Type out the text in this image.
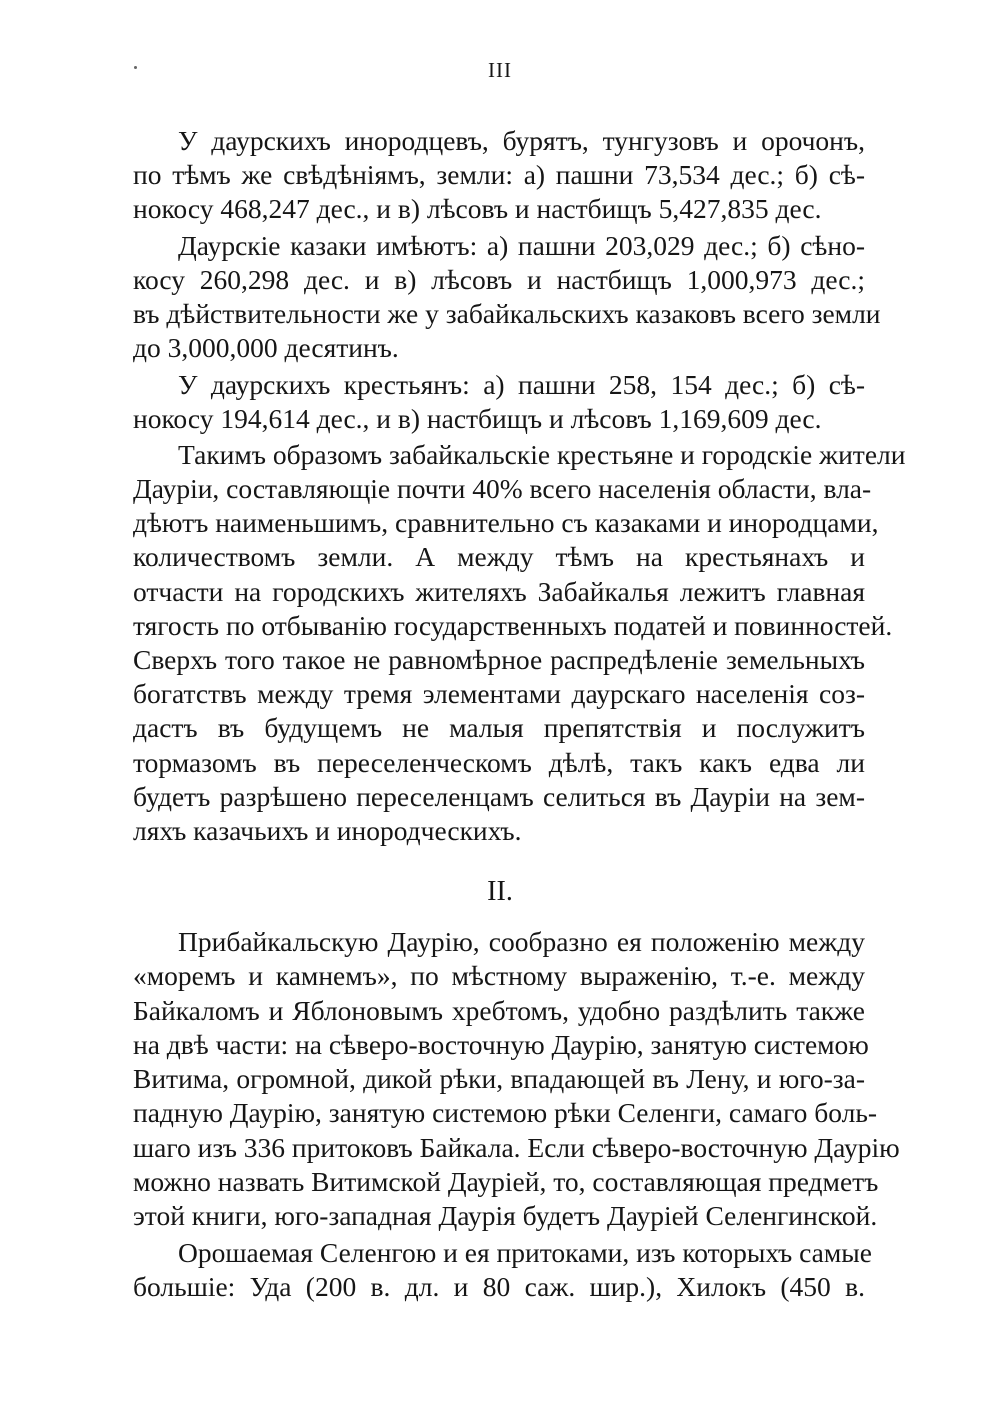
III
У даурскихъ инородцевъ, бурятъ, тунгузовъ и орочонъ,
по тѣмъ же свѣдѣніямъ, земли: а) пашни 73,534 дес.; б) сѣ-
нокосу 468,247 дес., и в) лѣсовъ и настбищъ 5,427,835 дес.
Даурскіе казаки имѣютъ: а) пашни 203,029 дес.; б) сѣно-
косу 260,298 дес. и в) лѣсовъ и настбищъ 1,000,973 дес.;
въ дѣйствительности же у забайкальскихъ казаковъ всего земли
до 3,000,000 десятинъ.
У даурскихъ крестьянъ: а) пашни 258, 154 дес.; б) сѣ-
нокосу 194,614 дес., и в) настбищъ и лѣсовъ 1,169,609 дес.
Такимъ образомъ забайкальскіе крестьяне и городскіе жители
Дауріи, составляющіе почти 40% всего населенія области, вла-
дѣютъ наименьшимъ, сравнительно съ казаками и инородцами,
количествомъ земли. А между тѣмъ на крестьянахъ и
отчасти на городскихъ жителяхъ Забайкалья лежитъ главная
тягость по отбыванію государственныхъ податей и повинностей.
Сверхъ того такое не равномѣрное распредѣленіе земельныхъ
богатствъ между тремя элементами даурскаго населенія соз-
дастъ въ будущемъ не малыя препятствія и послужитъ
тормазомъ въ переселенческомъ дѣлѣ, такъ какъ едва ли
будетъ разрѣшено переселенцамъ селиться въ Дауріи на зем-
ляхъ казачьихъ и инородческихъ.
II.
Прибайкальскую Даурію, сообразно ея положенію между
«моремъ и камнемъ», по мѣстному выраженію, т.-е. между
Байкаломъ и Яблоновымъ хребтомъ, удобно раздѣлить также
на двѣ части: на сѣверо-восточную Даурію, занятую системою
Витима, огромной, дикой рѣки, впадающей въ Лену, и юго-за-
падную Даурію, занятую системою рѣки Селенги, самаго боль-
шаго изъ 336 притоковъ Байкала. Если сѣверо-восточную Даурію
можно назвать Витимской Дауріей, то, составляющая предметъ
этой книги, юго-западная Даурія будетъ Дауріей Селенгинской.
Орошаемая Селенгою и ея притоками, изъ которыхъ самые
большіе: Уда (200 в. дл. и 80 саж. шир.), Хилокъ (450 в.
